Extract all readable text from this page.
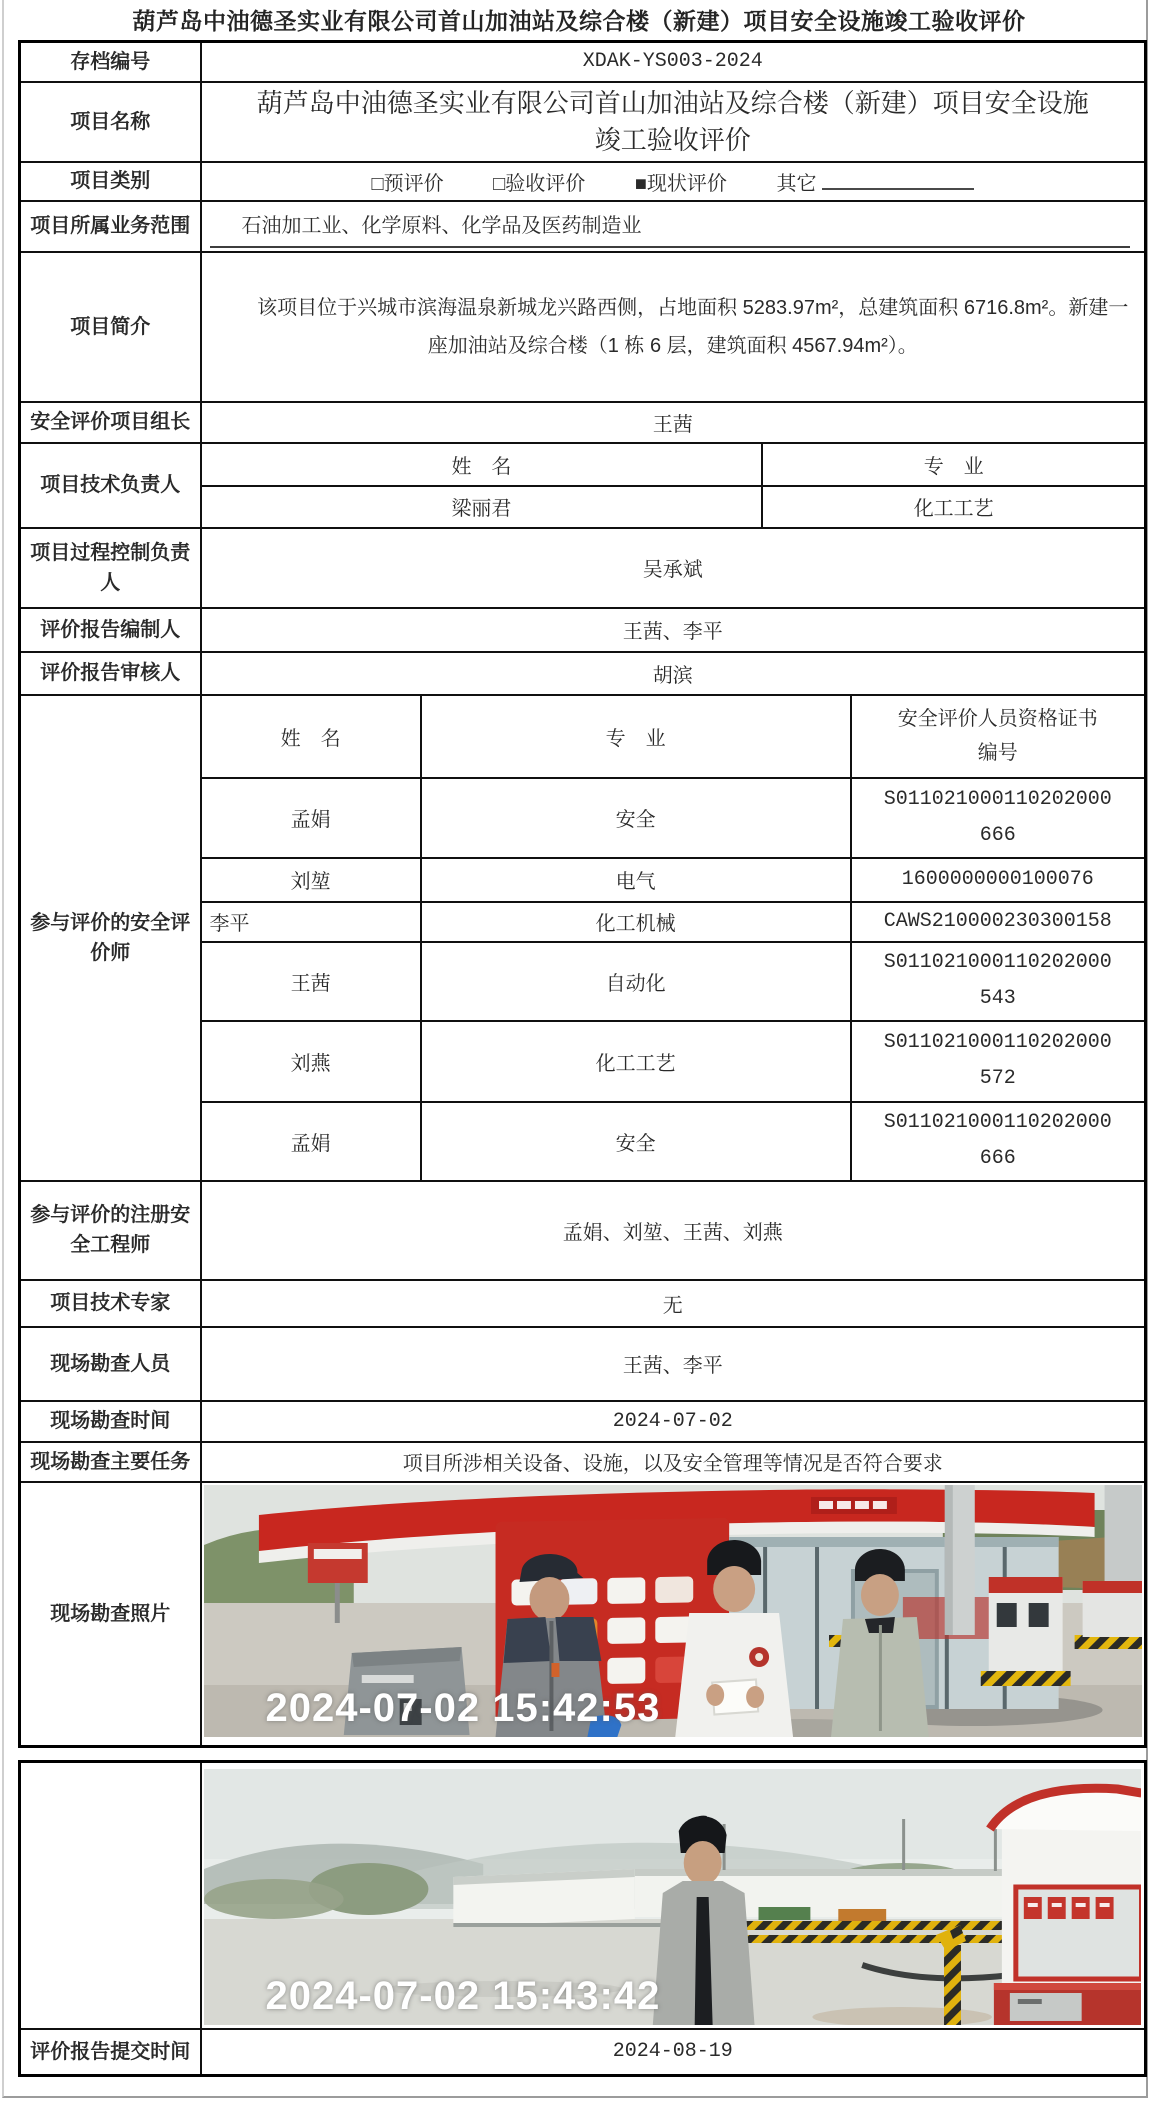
葫芦岛中油德圣实业有限公司首山加油站及综合楼（新建）项目安全设施竣工验收评价
存档编号	XDAK-YS003-2024
项目名称	葫芦岛中油德圣实业有限公司首山加油站及综合楼（新建）项目安全设施竣工验收评价
项目类别	□预评价 □验收评价 ■现状评价 其它
项目所属业务范围	石油加工业、化学原料、化学品及医药制造业

项目简介	该项目位于兴城市滨海温泉新城龙兴路西侧，占地面积 5283.97m²，总建筑面积 6716.8m²。新建一座加油站及综合楼（1 栋 6 层，建筑面积 4567.94m²）。
安全评价项目组长	王茜
项目技术负责人	
姓　名	专　业
梁丽君	化工工艺

项目过程控制负责人	吴承斌
评价报告编制人	王茜、李平
评价报告审核人	胡滨
参与评价的安全评价师	
姓　名	专　业	安全评价人员资格证书编号
孟娟	安全	S011021000110202000666
刘堃	电气	1600000000100076
李平	化工机械	CAWS210000230300158
王茜	自动化	S011021000110202000543
刘燕	化工工艺	S011021000110202000572
孟娟	安全	S011021000110202000666

参与评价的注册安全工程师	孟娟、刘堃、王茜、刘燕
项目技术专家	无
现场勘查人员	王茜、李平
现场勘查时间	2024-07-02
现场勘查主要任务	项目所涉相关设备、设施，以及安全管理等情况是否符合要求
现场勘查照片	
2024-07-02 15:42:53

	2024-07-02 15:43:42

评价报告提交时间	2024-08-19
